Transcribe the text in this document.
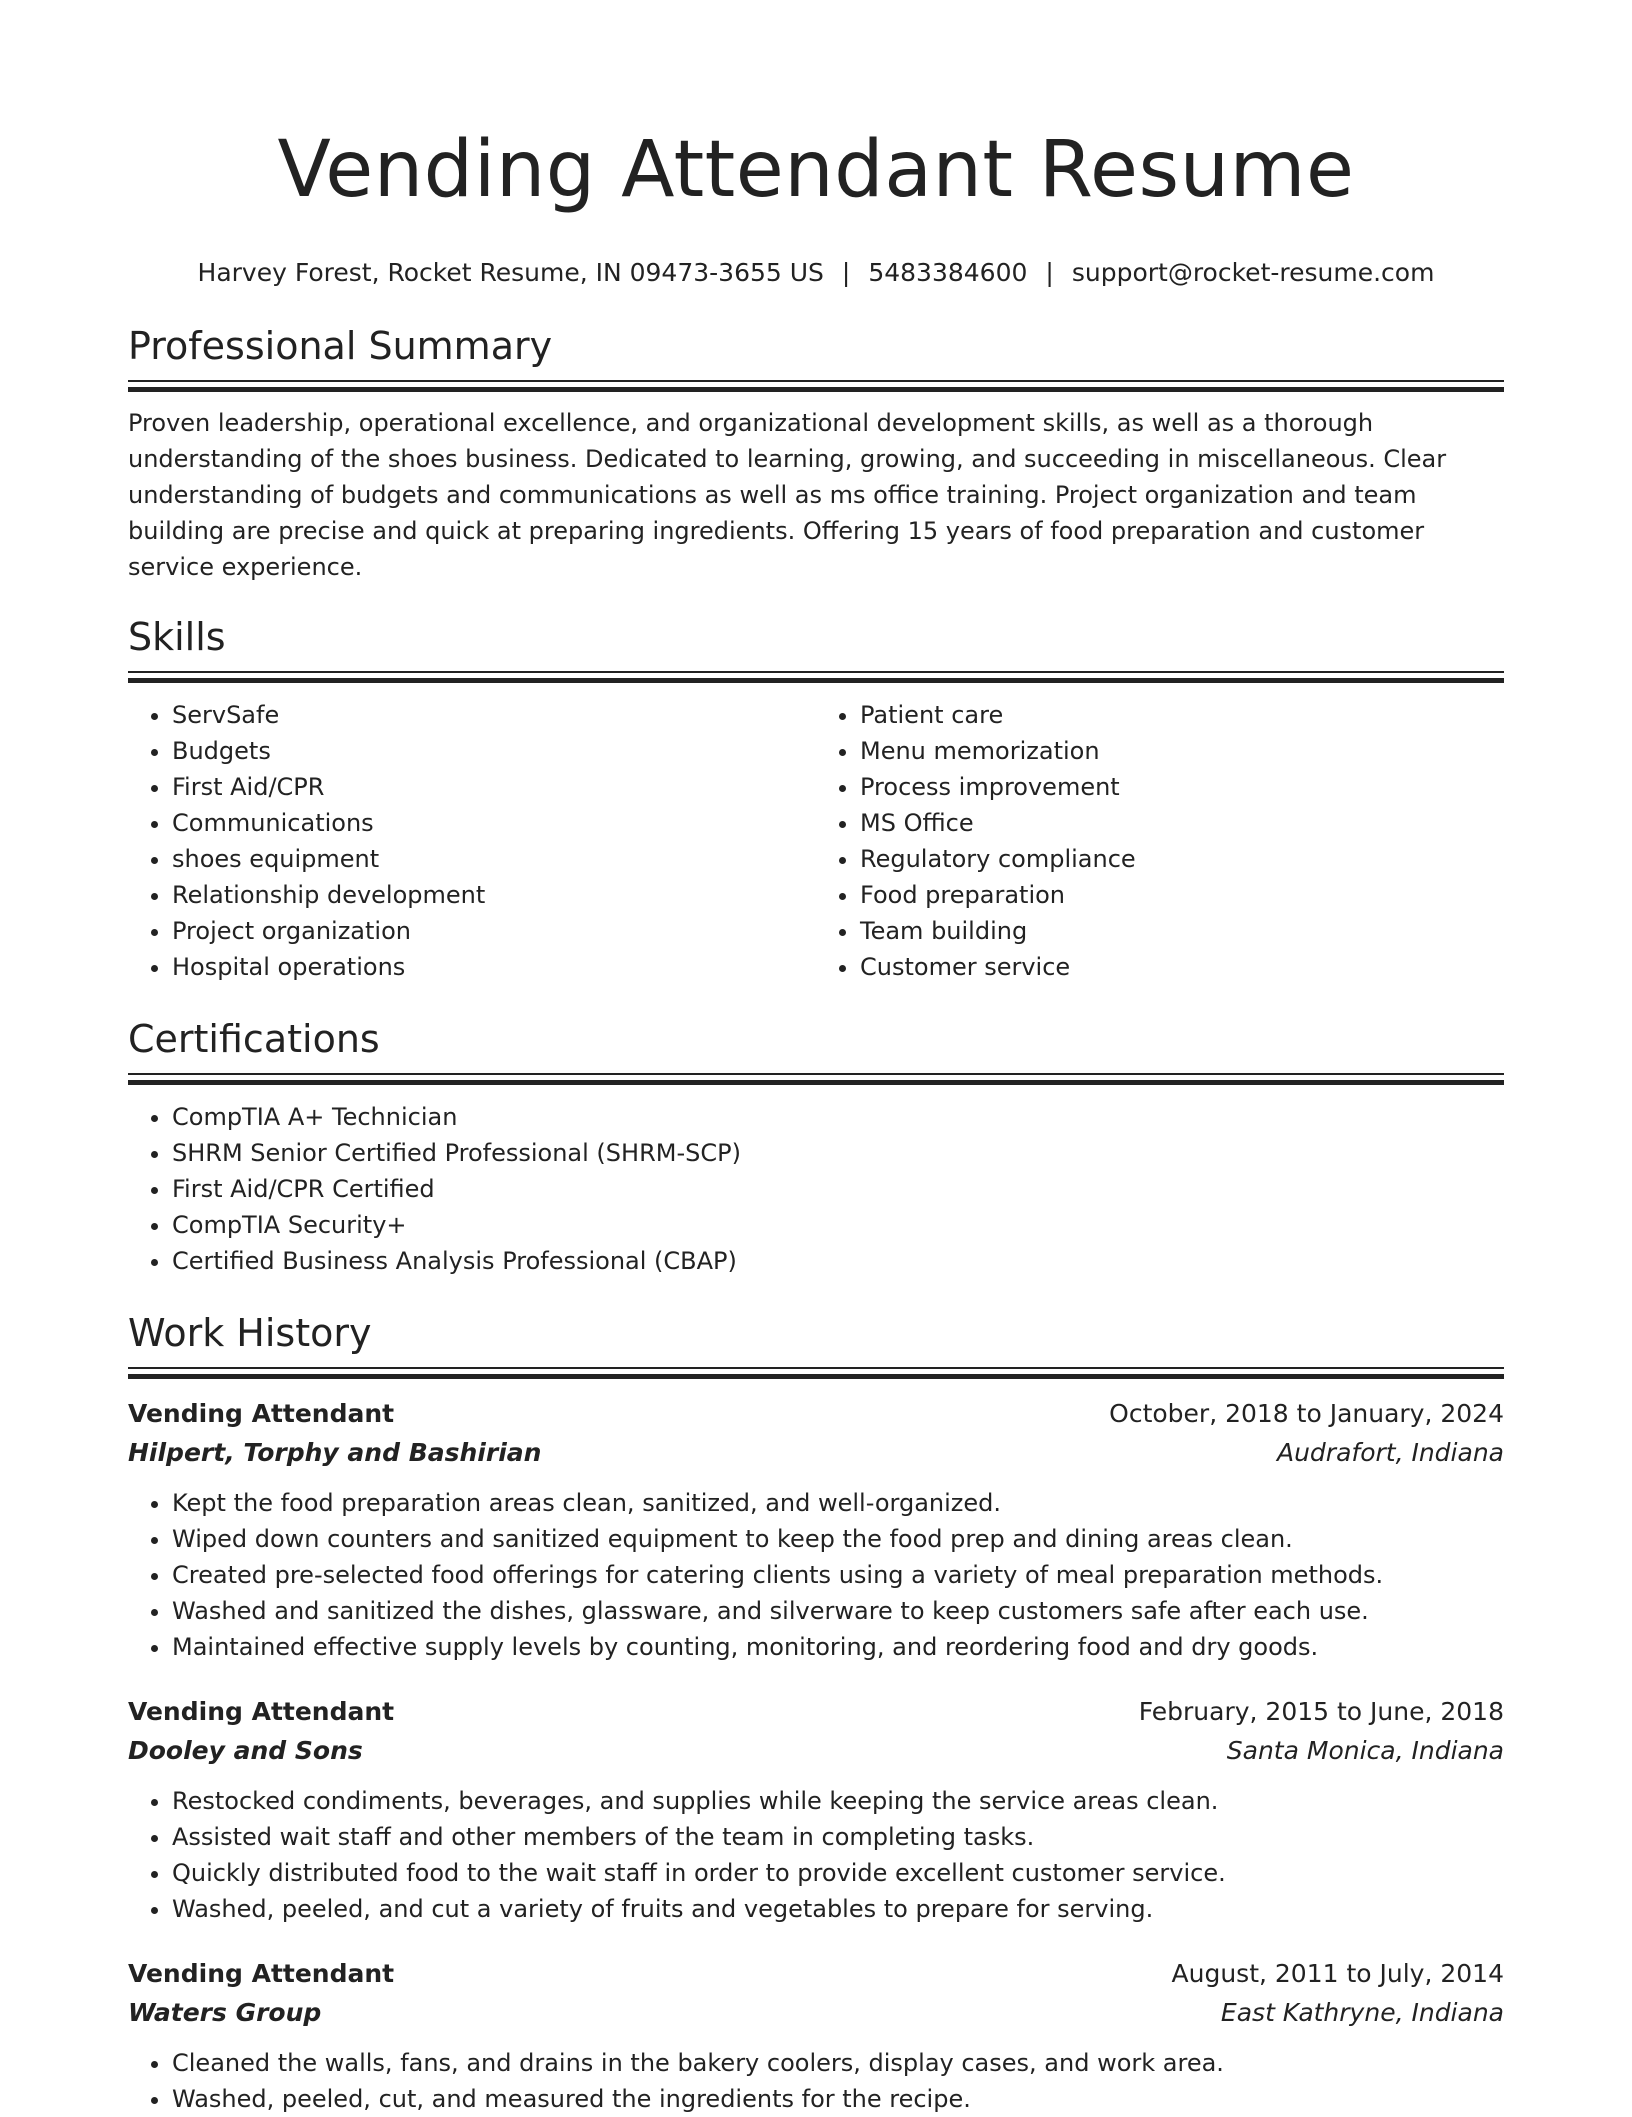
Vending Attendant Resume
Harvey Forest, Rocket Resume, IN 09473-3655 US | 5483384600 | support@rocket-resume.com
Professional Summary

Proven leadership, operational excellence, and organizational development skills, as well as a thorough understanding of the shoes business. Dedicated to learning, growing, and succeeding in miscellaneous. Clear understanding of budgets and communications as well as ms office training. Project organization and team building are precise and quick at preparing ingredients. Offering 15 years of food preparation and customer service experience.

Skills
• ServSafe
• Budgets
• First Aid/CPR
• Communications
• shoes equipment
• Relationship development
• Project organization
• Hospital operations
• Patient care
• Menu memorization
• Process improvement
• MS Office
• Regulatory compliance
• Food preparation
• Team building
• Customer service
Certifications
• CompTIA A+ Technician
• SHRM Senior Certified Professional (SHRM-SCP)
• First Aid/CPR Certified
• CompTIA Security+
• Certified Business Analysis Professional (CBAP)
Work History
Vending Attendant	October, 2018 to January, 2024
Hilpert, Torphy and Bashirian	Audrafort, Indiana
• Kept the food preparation areas clean, sanitized, and well-organized.
• Wiped down counters and sanitized equipment to keep the food prep and dining areas clean.
• Created pre-selected food offerings for catering clients using a variety of meal preparation methods.
• Washed and sanitized the dishes, glassware, and silverware to keep customers safe after each use.
• Maintained effective supply levels by counting, monitoring, and reordering food and dry goods.
Vending Attendant	February, 2015 to June, 2018
Dooley and Sons	Santa Monica, Indiana
• Restocked condiments, beverages, and supplies while keeping the service areas clean.
• Assisted wait staff and other members of the team in completing tasks.
• Quickly distributed food to the wait staff in order to provide excellent customer service.
• Washed, peeled, and cut a variety of fruits and vegetables to prepare for serving.
Vending Attendant	August, 2011 to July, 2014
Waters Group	East Kathryne, Indiana
• Cleaned the walls, fans, and drains in the bakery coolers, display cases, and work area.
• Washed, peeled, cut, and measured the ingredients for the recipe.
